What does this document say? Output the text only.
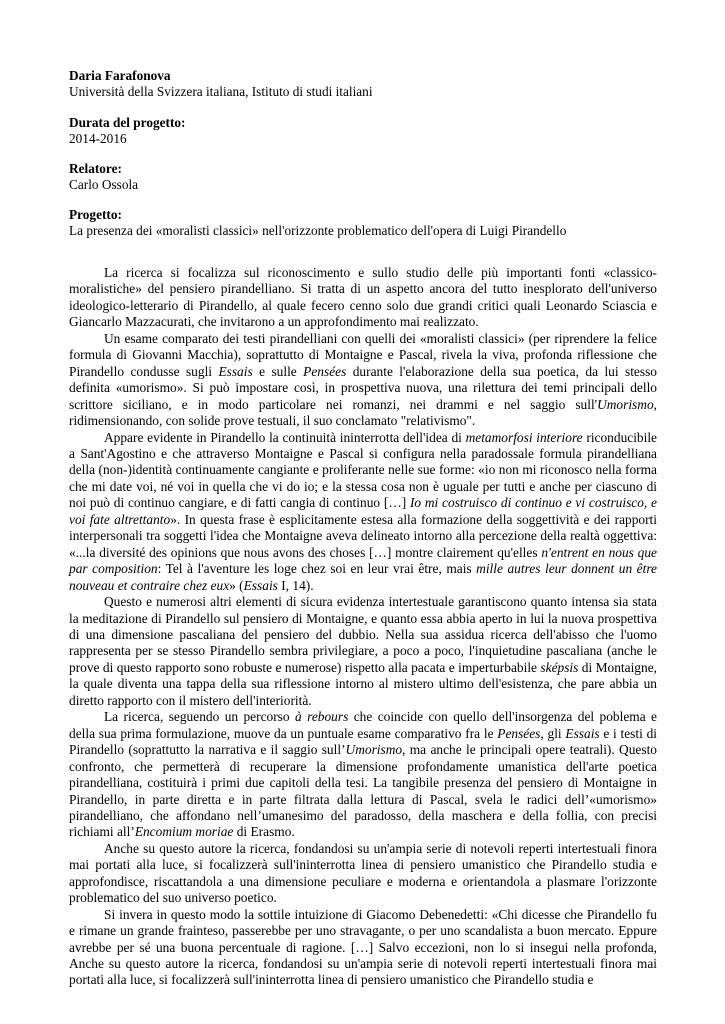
Daria Farafonova
Università della Svizzera italiana, Istituto di studi italiani
Durata del progetto:
2014-2016
Relatore:
Carlo Ossola
Progetto:
La presenza dei «moralisti classici» nell'orizzonte problematico dell'opera di Luigi Pirandello

La ricerca si focalizza sul riconoscimento e sullo studio delle più importanti fonti «classico-moralistiche» del pensiero pirandelliano. Si tratta di un aspetto ancora del tutto inesplorato dell'universo ideologico-letterario di Pirandello, al quale fecero cenno solo due grandi critici quali Leonardo Sciascia e Giancarlo Mazzacurati, che invitarono a un approfondimento mai realizzato.

Un esame comparato dei testi pirandelliani con quelli dei «moralisti classici» (per riprendere la felice formula di Giovanni Macchia), soprattutto di Montaigne e Pascal, rivela la viva, profonda riflessione che Pirandello condusse sugli Essais e sulle Pensées durante l'elaborazione della sua poetica, da lui stesso definita «umorismo». Si può impostare così, in prospettiva nuova, una rilettura dei temi principali dello scrittore siciliano, e in modo particolare nei romanzi, nei drammi e nel saggio sull'Umorismo, ridimensionando, con solide prove testuali, il suo conclamato "relativismo".

Appare evidente in Pirandello la continuità ininterrotta dell'idea di metamorfosi interiore riconducibile a Sant'Agostino e che attraverso Montaigne e Pascal si configura nella paradossale formula pirandelliana della (non-)identità continuamente cangiante e proliferante nelle sue forme: «io non mi riconosco nella forma che mi date voi, né voi in quella che vi do io; e la stessa cosa non è uguale per tutti e anche per ciascuno di noi può di continuo cangiare, e di fatti cangia di continuo […] Io mi costruisco di continuo e vi costruisco, e voi fate altrettanto». In questa frase è esplicitamente estesa alla formazione della soggettività e dei rapporti interpersonali tra soggetti l'idea che Montaigne aveva delineato intorno alla percezione della realtà oggettiva: «...la diversité des opinions que nous avons des choses […] montre clairement qu'elles n'entrent en nous que par composition: Tel à l'aventure les loge chez soi en leur vrai être, mais mille autres leur donnent un être nouveau et contraire chez eux» (Essais I, 14).

Questo e numerosi altri elementi di sicura evidenza intertestuale garantiscono quanto intensa sia stata la meditazione di Pirandello sul pensiero di Montaigne, e quanto essa abbia aperto in lui la nuova prospettiva di una dimensione pascaliana del pensiero del dubbio. Nella sua assidua ricerca dell'abisso che l'uomo rappresenta per se stesso Pirandello sembra privilegiare, a poco a poco, l'inquietudine pascaliana (anche le prove di questo rapporto sono robuste e numerose) rispetto alla pacata e imperturbabile sképsis di Montaigne, la quale diventa una tappa della sua riflessione intorno al mistero ultimo dell'esistenza, che pare abbia un diretto rapporto con il mistero dell'interiorità.

La ricerca, seguendo un percorso à rebours che coincide con quello dell'insorgenza del poblema e della sua prima formulazione, muove da un puntuale esame comparativo fra le Pensées, gli Essais e i testi di Pirandello (soprattutto la narrativa e il saggio sull’Umorismo, ma anche le principali opere teatrali). Questo confronto, che permetterà di recuperare la dimensione profondamente umanistica dell'arte poetica pirandelliana, costituirà i primi due capitoli della tesi. La tangibile presenza del pensiero di Montaigne in Pirandello, in parte diretta e in parte filtrata dalla lettura di Pascal, svela le radici dell’«umorismo» pirandelliano, che affondano nell’umanesimo del paradosso, della maschera e della follia, con precisi richiami all’Encomium moriae di Erasmo.

Anche su questo autore la ricerca, fondandosi su un'ampia serie di notevoli reperti intertestuali finora mai portati alla luce, si focalizzerà sull'ininterrotta linea di pensiero umanistico che Pirandello studia e approfondisce, riscattandola a una dimensione peculiare e moderna e orientandola a plasmare l'orizzonte problematico del suo universo poetico.

Si invera in questo modo la sottile intuizione di Giacomo Debenedetti: «Chi dicesse che Pirandello fu e rimane un grande frainteso, passerebbe per uno stravagante, o per uno scandalista a buon mercato. Eppure avrebbe per sé una buona percentuale di ragione. […] Salvo eccezioni, non lo si insegui nella profonda, Anche su questo autore la ricerca, fondandosi su un'ampia serie di notevoli reperti intertestuali finora mai portati alla luce, si focalizzerà sull'ininterrotta linea di pensiero umanistico che Pirandello studia e
